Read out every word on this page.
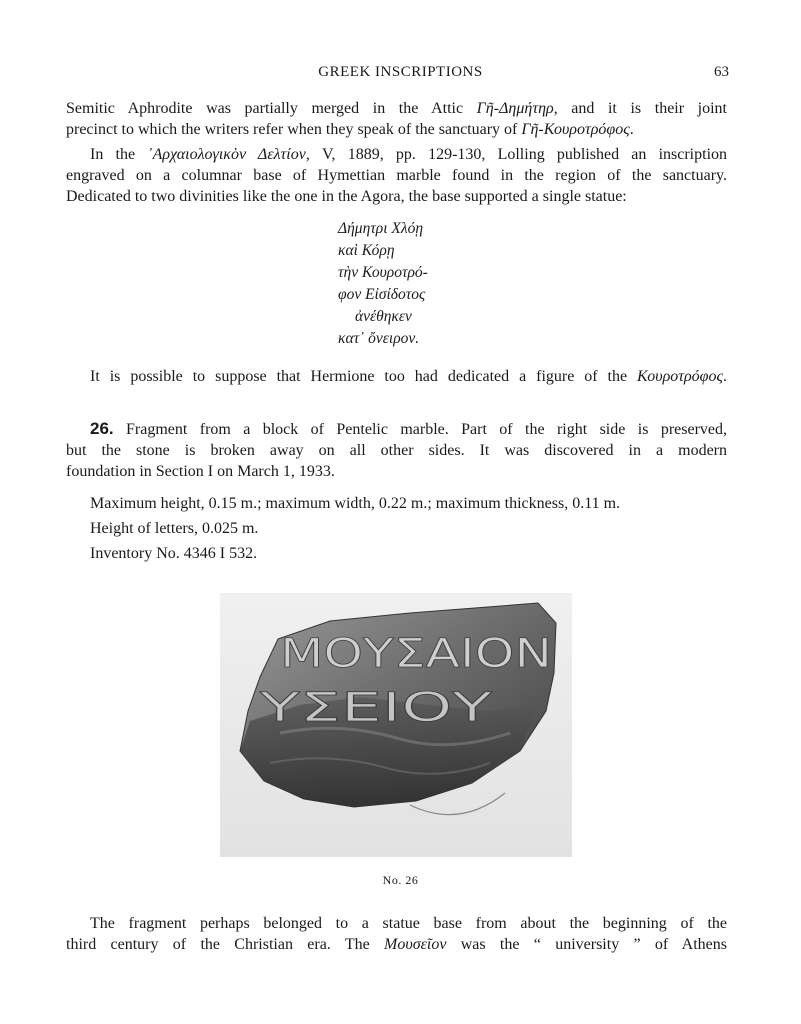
GREEK INSCRIPTIONS	63
Semitic Aphrodite was partially merged in the Attic Γῆ-Δημήτηρ, and it is their joint
precinct to which the writers refer when they speak of the sanctuary of Γῆ-Κουροτρόφος.
In the ᾿Αρχαιολογικὸν Δελτίον, V, 1889, pp. 129-130, Lolling published an inscription
engraved on a columnar base of Hymettian marble found in the region of the sanctuary.
Dedicated to two divinities like the one in the Agora, the base supported a single statue:
Δήμητρι Χλόῃ
καὶ Κόρῃ
τὴν Κουροτρό-
φον Εἰσίδοτος
ἀνέθηκεν
κατ᾿ ὄνειρον.
It is possible to suppose that Hermione too had dedicated a figure of the Κουροτρόφος.
26. Fragment from a block of Pentelic marble. Part of the right side is preserved,
but the stone is broken away on all other sides. It was discovered in a modern
foundation in Section I on March 1, 1933.
Maximum height, 0.15 m.; maximum width, 0.22 m.; maximum thickness, 0.11 m.
Height of letters, 0.025 m.
Inventory No. 4346 I 532.
ΜΟΥΣΑΙΟΝ
ΥΣΕΙΟΥ
No. 26
The fragment perhaps belonged to a statue base from about the beginning of the
third century of the Christian era. The Μουσεῖον was the “ university ” of Athens
